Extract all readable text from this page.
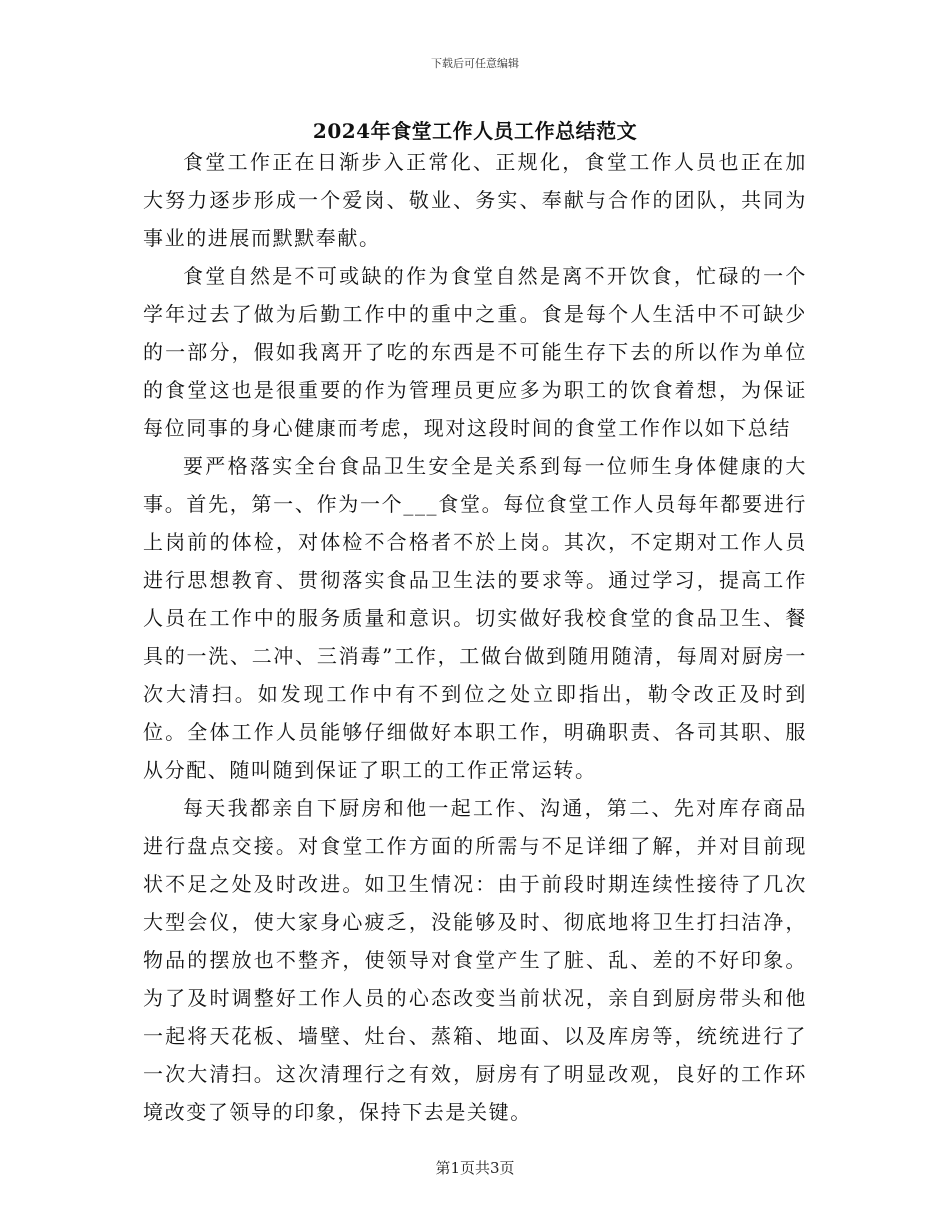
下载后可任意编辑
2024年食堂工作人员工作总结范文

食堂工作正在日渐步入正常化、正规化，食堂工作人员也正在加大努力逐步形成一个爱岗、敬业、务实、奉献与合作的团队，共同为事业的进展而默默奉献。

食堂自然是不可或缺的作为食堂自然是离不开饮食，忙碌的一个学年过去了做为后勤工作中的重中之重。食是每个人生活中不可缺少的一部分，假如我离开了吃的东西是不可能生存下去的所以作为单位的食堂这也是很重要的作为管理员更应多为职工的饮食着想，为保证每位同事的身心健康而考虑，现对这段时间的食堂工作作以如下总结

要严格落实全台食品卫生安全是关系到每一位师生身体健康的大事。首先，第一、作为一个___食堂。每位食堂工作人员每年都要进行上岗前的体检，对体检不合格者不於上岗。其次，不定期对工作人员进行思想教育、贯彻落实食品卫生法的要求等。通过学习，提高工作人员在工作中的服务质量和意识。切实做好我校食堂的食品卫生、餐具的一洗、二冲、三消毒”工作，工做台做到随用随清，每周对厨房一次大清扫。如发现工作中有不到位之处立即指出，勒令改正及时到位。全体工作人员能够仔细做好本职工作，明确职责、各司其职、服从分配、随叫随到保证了职工的工作正常运转。

每天我都亲自下厨房和他一起工作、沟通，第二、先对库存商品进行盘点交接。对食堂工作方面的所需与不足详细了解，并对目前现状不足之处及时改进。如卫生情况：由于前段时期连续性接待了几次大型会仪，使大家身心疲乏，没能够及时、彻底地将卫生打扫洁净，物品的摆放也不整齐，使领导对食堂产生了脏、乱、差的不好印象。为了及时调整好工作人员的心态改变当前状况，亲自到厨房带头和他一起将天花板、墙壁、灶台、蒸箱、地面、以及库房等，统统进行了一次大清扫。这次清理行之有效，厨房有了明显改观，良好的工作环境改变了领导的印象，保持下去是关键。

第1页共3页
